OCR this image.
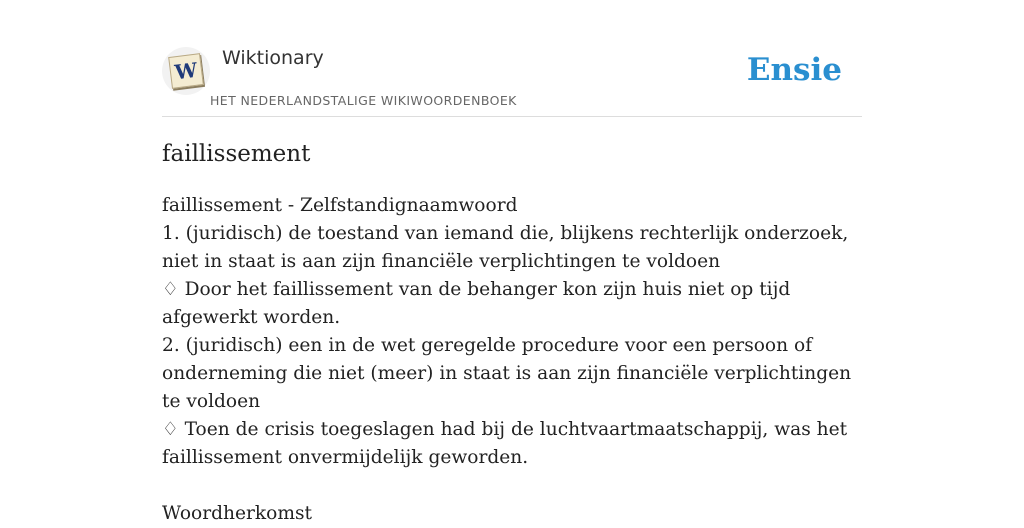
W Wiktionary
HET NEDERLANDSTALIGE WIKIWOORDENBOEK
Ensie
faillissement

faillissement - Zelfstandignaamwoord

1. (juridisch) de toestand van iemand die, blijkens rechterlijk onderzoek, niet in staat is aan zijn financiële verplichtingen te voldoen

♢ Door het faillissement van de behanger kon zijn huis niet op tijd afgewerkt worden.

2. (juridisch) een in de wet geregelde procedure voor een persoon of onderneming die niet (meer) in staat is aan zijn financiële verplichtingen te voldoen

♢ Toen de crisis toegeslagen had bij de luchtvaartmaatschappij, was het faillissement onvermijdelijk geworden.

Woordherkomst
